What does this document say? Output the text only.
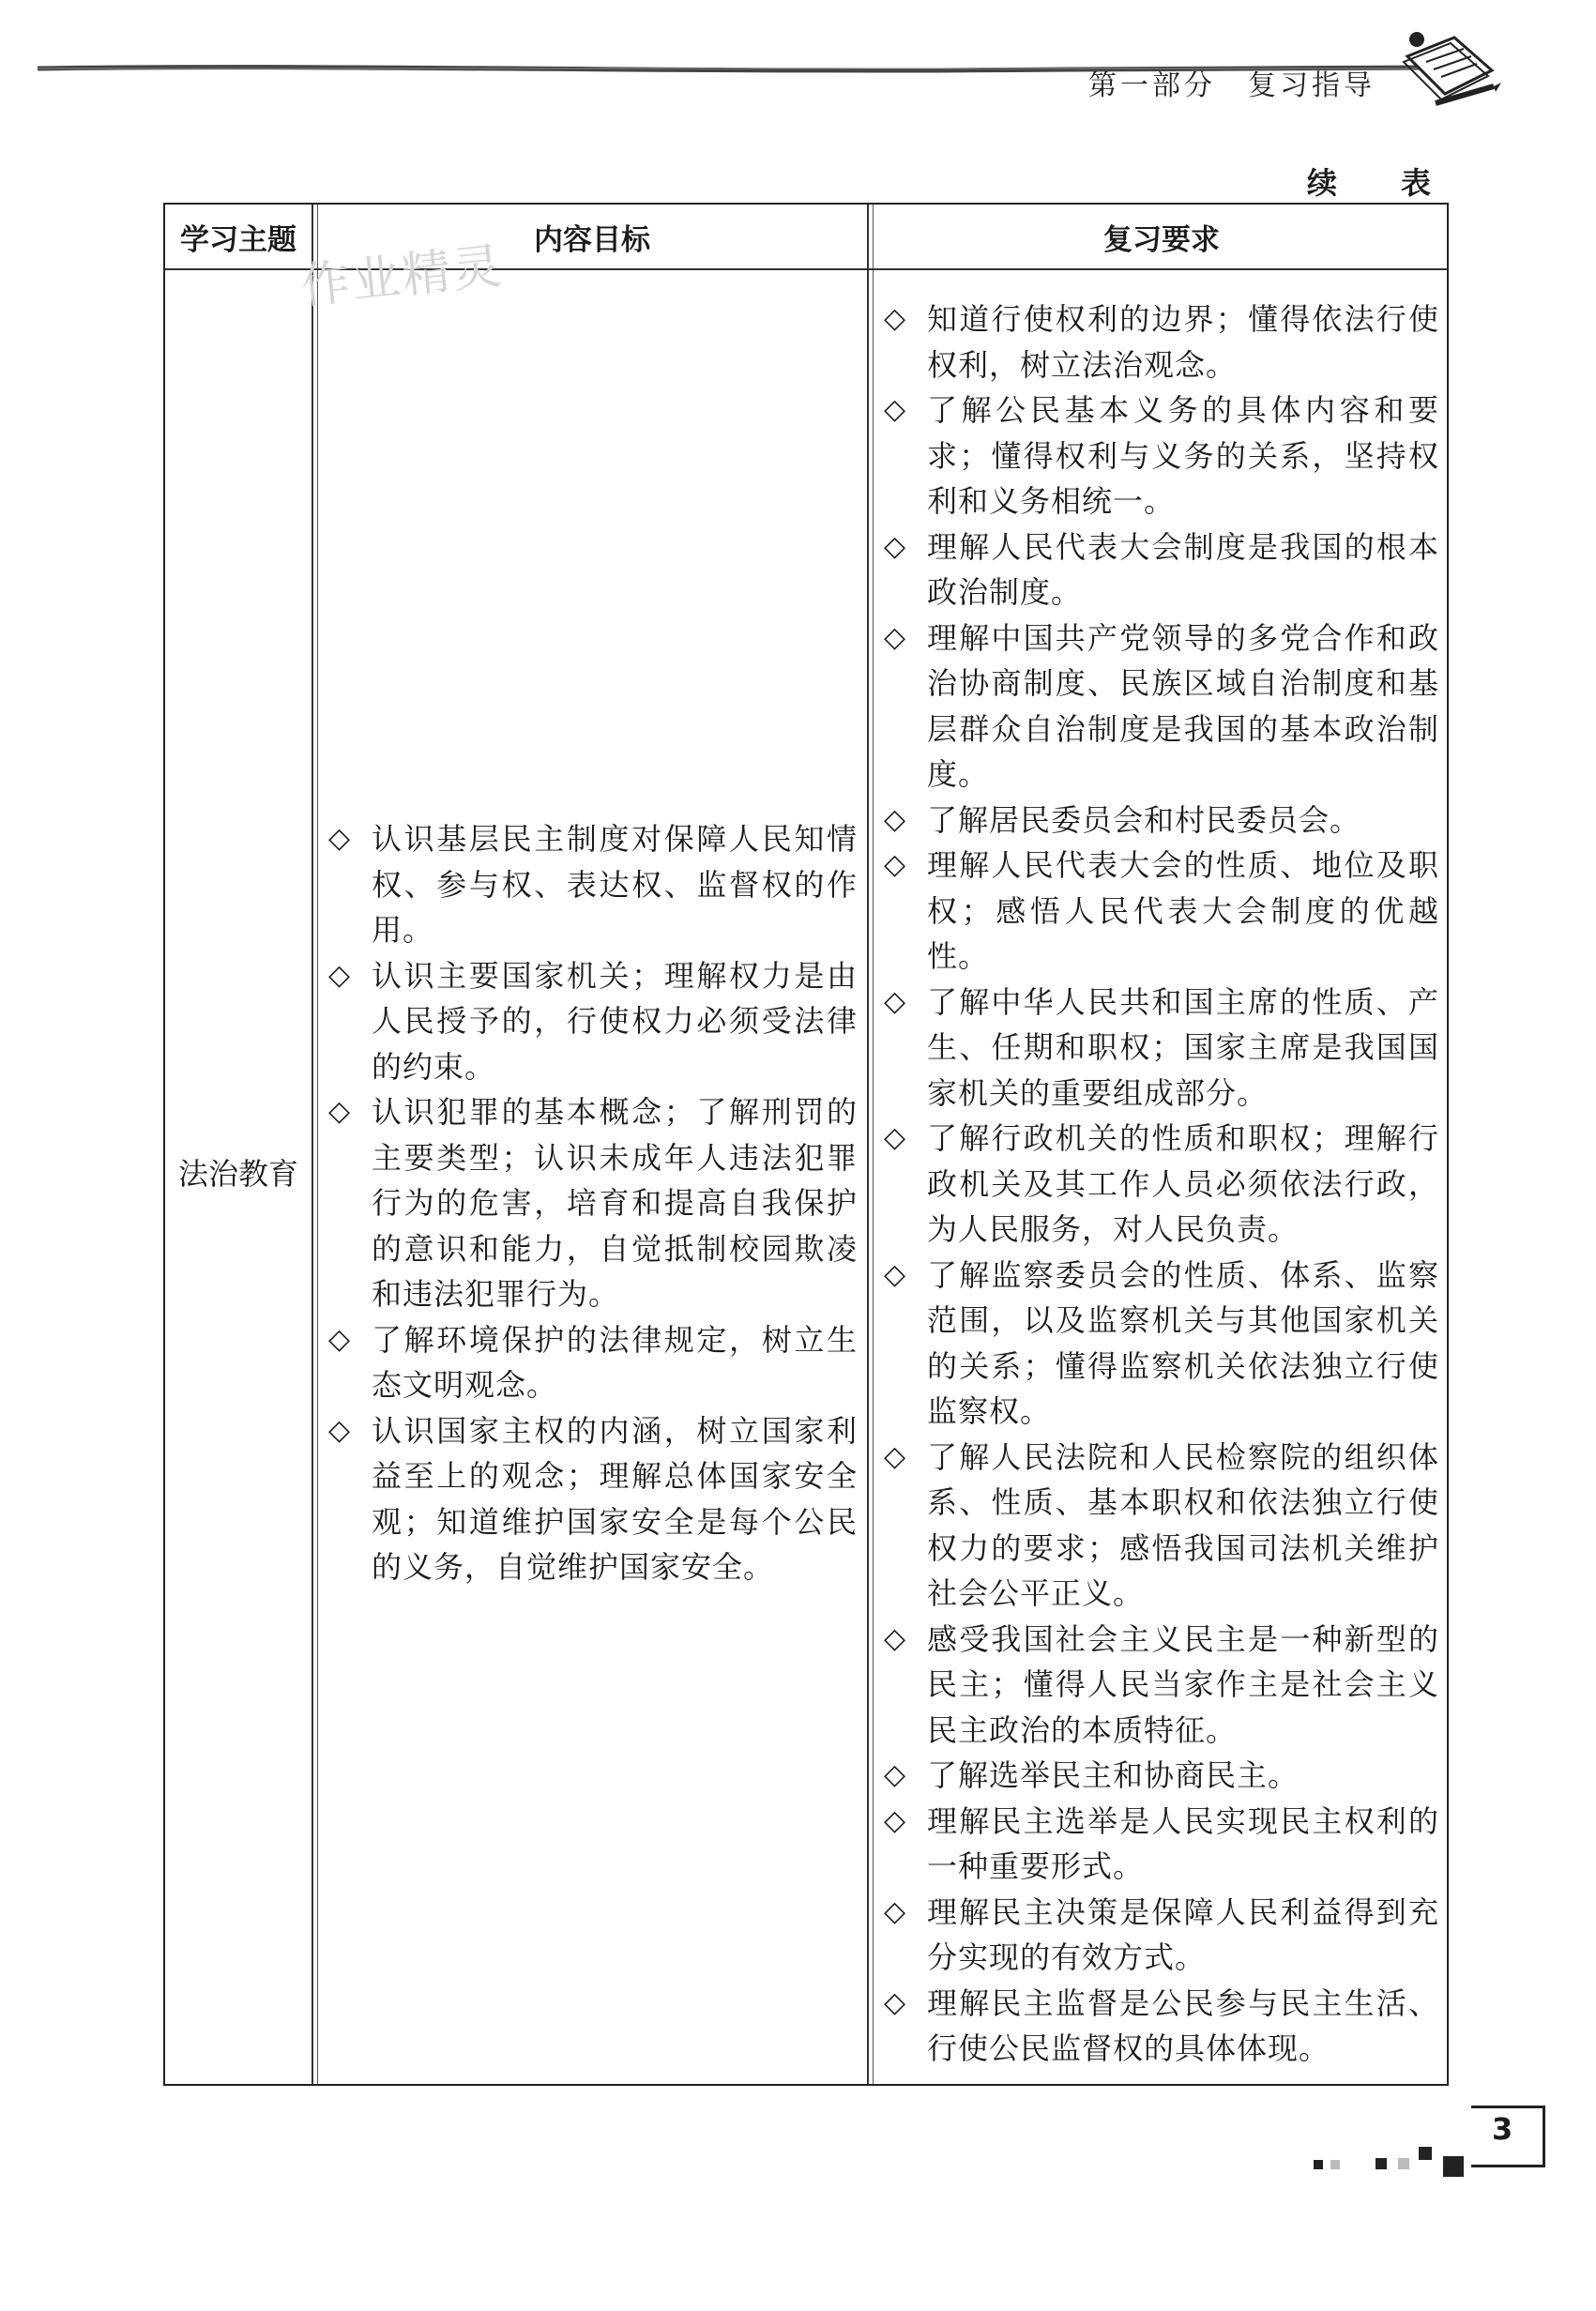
第一部分　复习指导
续　表
学习主题	内容目标	复习要求
法治教育
◇ 认识基层民主制度对保障人民知情权、参与权、表达权、监督权的作用。
◇ 认识主要国家机关；理解权力是由人民授予的，行使权力必须受法律的约束。
◇ 认识犯罪的基本概念；了解刑罚的主要类型；认识未成年人违法犯罪行为的危害，培育和提高自我保护的意识和能力，自觉抵制校园欺凌和违法犯罪行为。
◇ 了解环境保护的法律规定，树立生态文明观念。
◇ 认识国家主权的内涵，树立国家利益至上的观念；理解总体国家安全观；知道维护国家安全是每个公民的义务，自觉维护国家安全。
◇ 知道行使权利的边界；懂得依法行使权利，树立法治观念。
◇ 了解公民基本义务的具体内容和要求；懂得权利与义务的关系，坚持权利和义务相统一。
◇ 理解人民代表大会制度是我国的根本政治制度。
◇ 理解中国共产党领导的多党合作和政治协商制度、民族区域自治制度和基层群众自治制度是我国的基本政治制度。
◇ 了解居民委员会和村民委员会。
◇ 理解人民代表大会的性质、地位及职权；感悟人民代表大会制度的优越性。
◇ 了解中华人民共和国主席的性质、产生、任期和职权；国家主席是我国国家机关的重要组成部分。
◇ 了解行政机关的性质和职权；理解行政机关及其工作人员必须依法行政，为人民服务，对人民负责。
◇ 了解监察委员会的性质、体系、监察范围，以及监察机关与其他国家机关的关系；懂得监察机关依法独立行使监察权。
◇ 了解人民法院和人民检察院的组织体系、性质、基本职权和依法独立行使权力的要求；感悟我国司法机关维护社会公平正义。
◇ 感受我国社会主义民主是一种新型的民主；懂得人民当家作主是社会主义民主政治的本质特征。
◇ 了解选举民主和协商民主。
◇ 理解民主选举是人民实现民主权利的一种重要形式。
◇ 理解民主决策是保障人民利益得到充分实现的有效方式。
◇ 理解民主监督是公民参与民主生活、行使公民监督权的具体体现。
作业精灵
3
